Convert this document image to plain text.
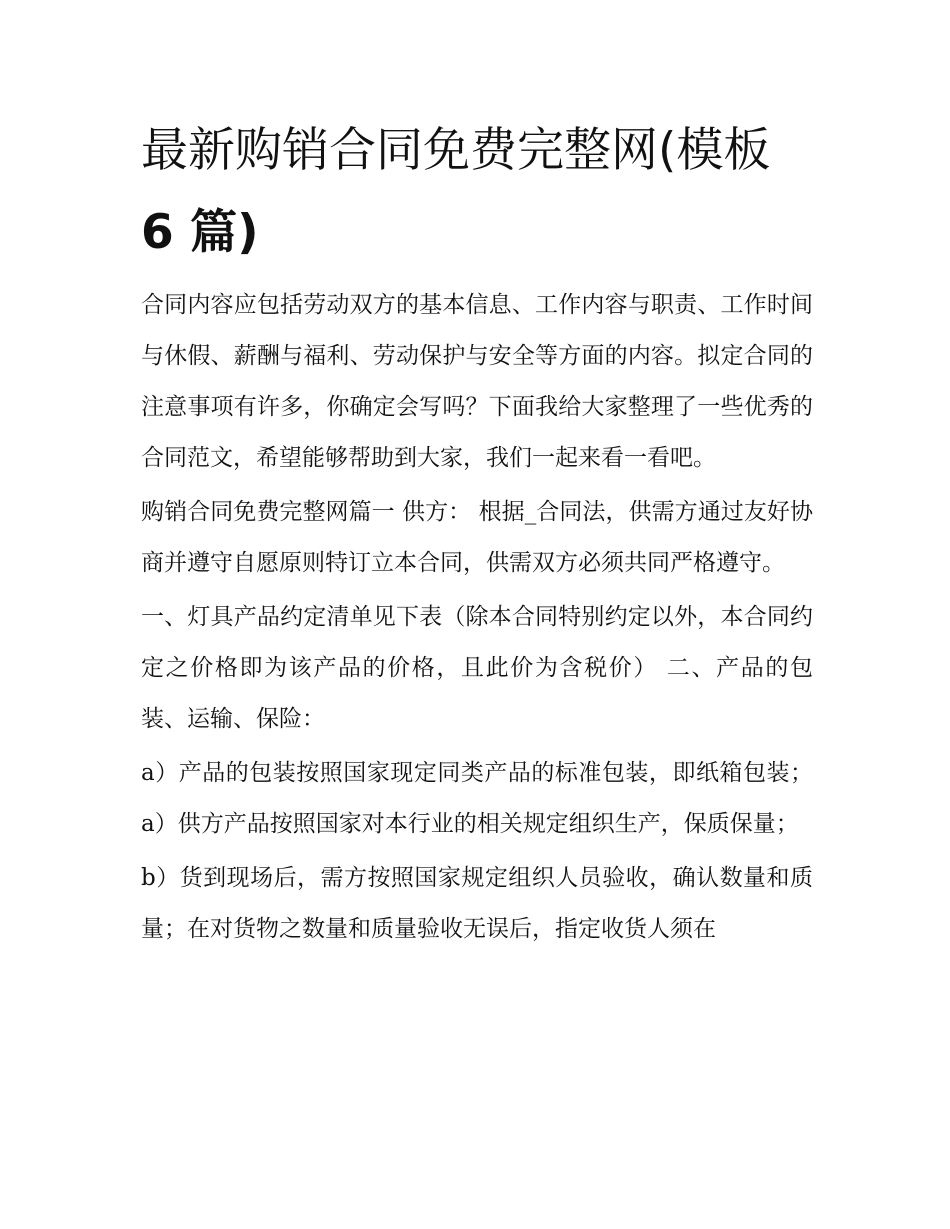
最新购销合同免费完整网(模板
6 篇)

合同内容应包括劳动双方的基本信息、工作内容与职责、工作时间与休假、薪酬与福利、劳动保护与安全等方面的内容。拟定合同的注意事项有许多，你确定会写吗？下面我给大家整理了一些优秀的合同范文，希望能够帮助到大家，我们一起来看一看吧。

购销合同免费完整网篇一 供方： 根据_合同法，供需方通过友好协商并遵守自愿原则特订立本合同，供需双方必须共同严格遵守。

一、灯具产品约定清单见下表（除本合同特别约定以外，本合同约定之价格即为该产品的价格，且此价为含税价） 二、产品的包装、运输、保险：

a）产品的包装按照国家现定同类产品的标准包装，即纸箱包装； a）供方产品按照国家对本行业的相关规定组织生产，保质保量；

b）货到现场后，需方按照国家规定组织人员验收，确认数量和质量；在对货物之数量和质量验收无误后，指定收货人须在
